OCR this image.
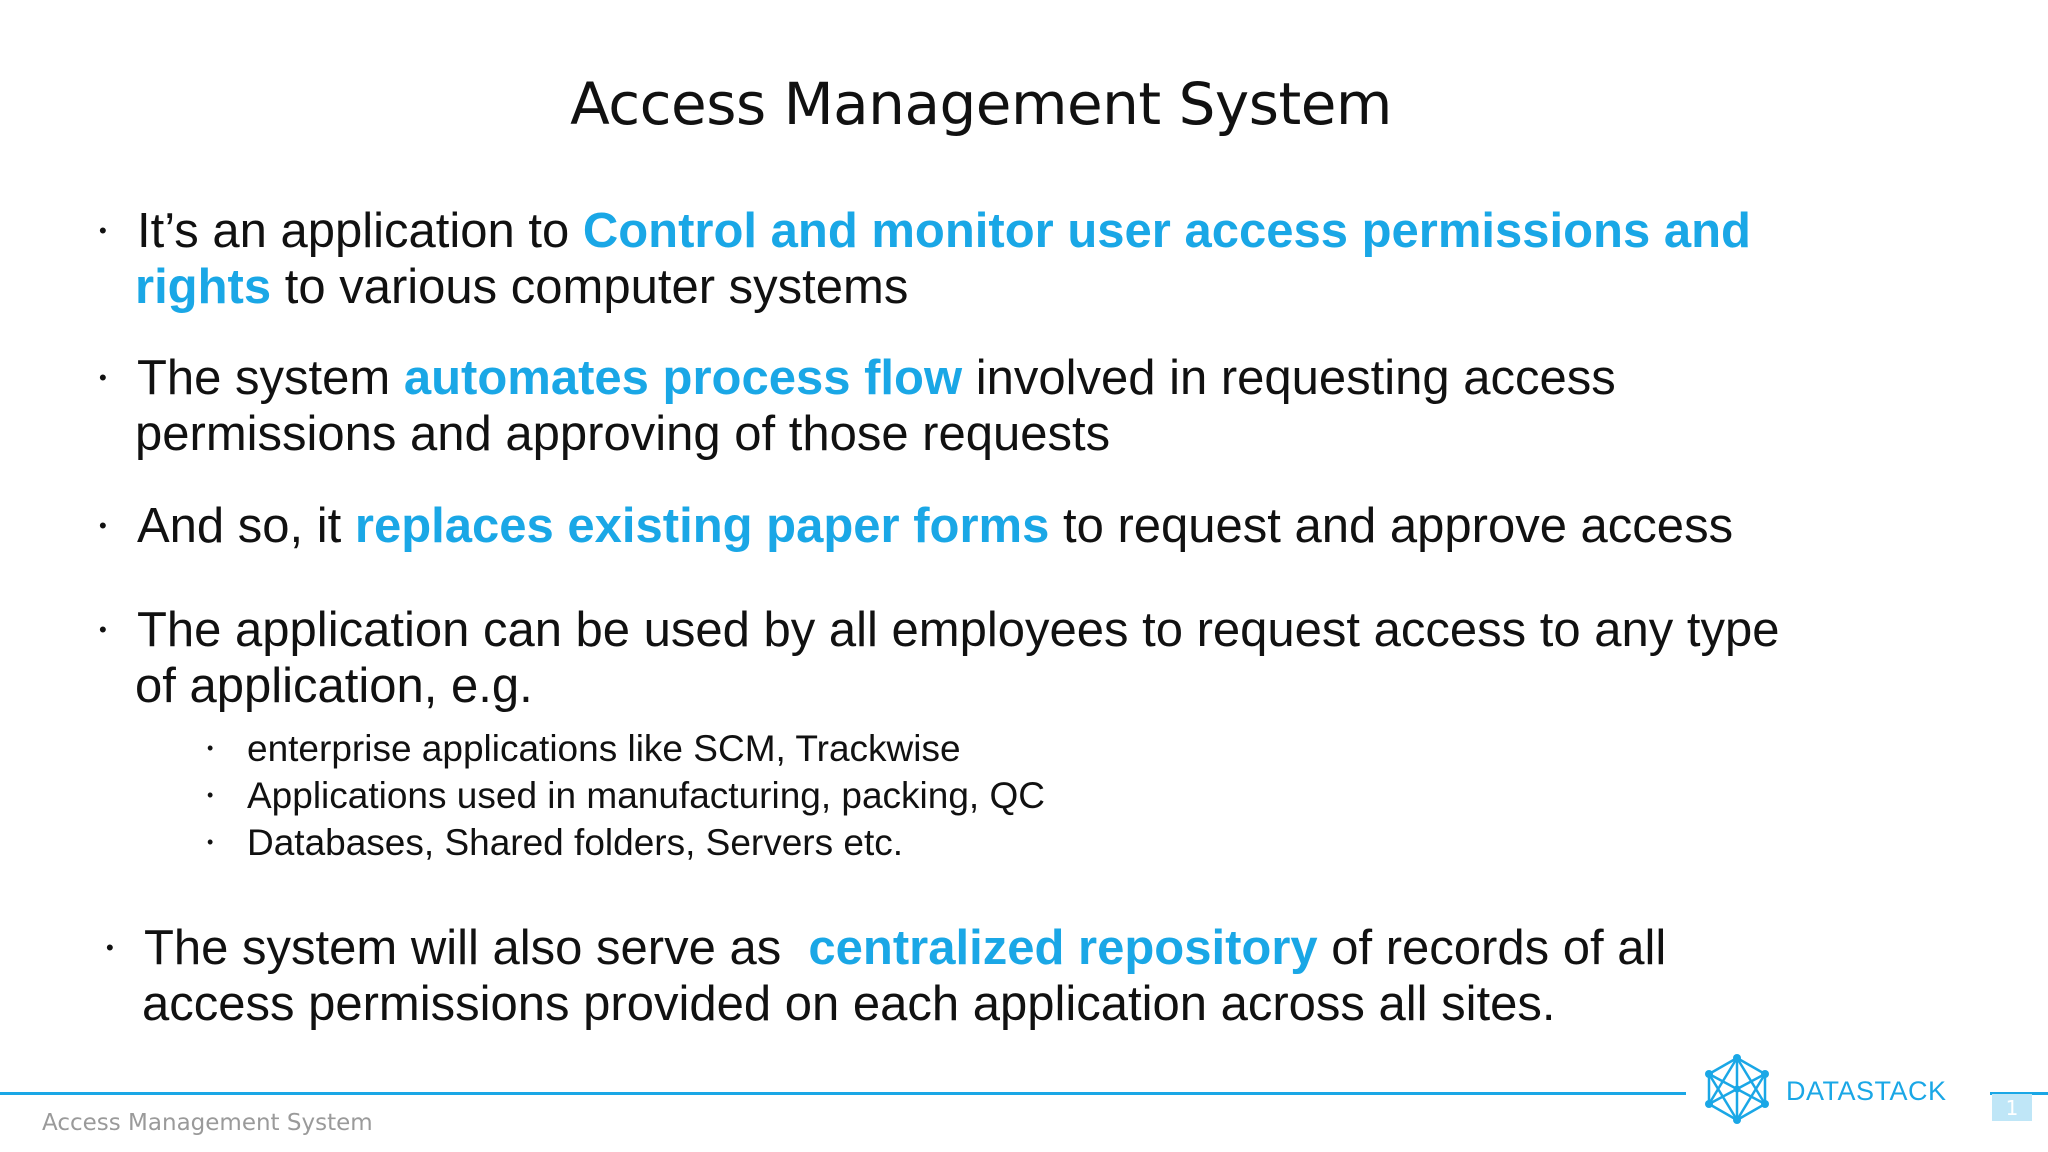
Access Management System
• It’s an application to Control and monitor user access permissions and
rights to various computer systems
• The system automates process flow involved in requesting access
permissions and approving of those requests
• And so, it replaces existing paper forms to request and approve access
• The application can be used by all employees to request access to any type
of application, e.g.
• enterprise applications like SCM, Trackwise
• Applications used in manufacturing, packing, QC
• Databases, Shared folders, Servers etc.
• The system will also serve as  centralized repository of records of all
access permissions provided on each application across all sites.
Access Management System
DATASTACK
1
